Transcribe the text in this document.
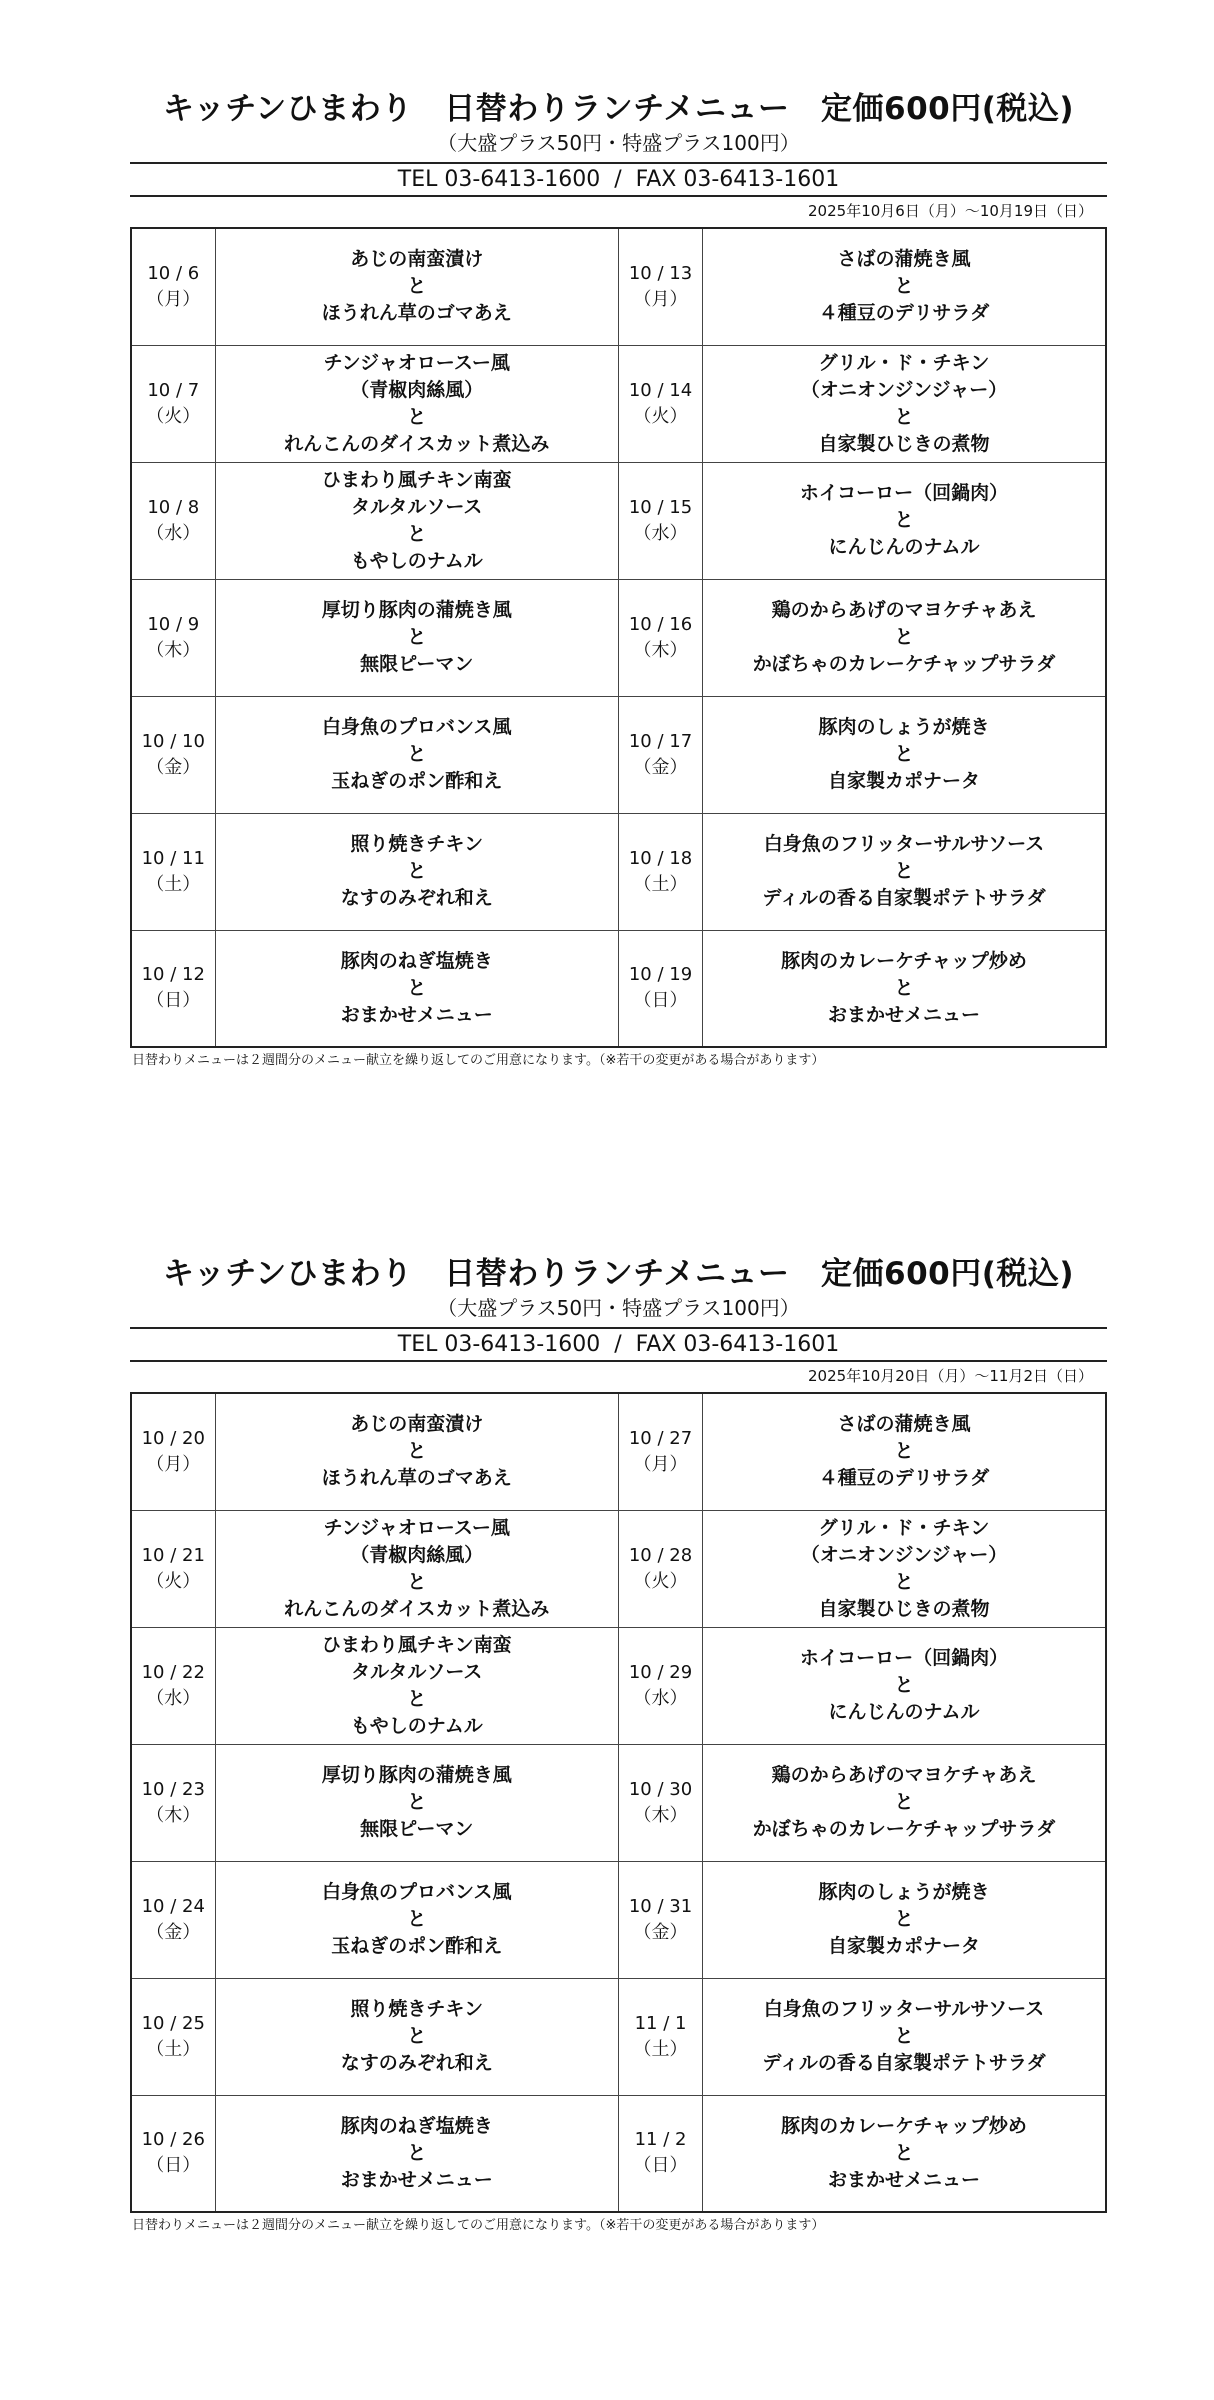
キッチンひまわり　日替わりランチメニュー　定価600円(税込)
（大盛プラス50円・特盛プラス100円）
TEL 03-6413-1600 / FAX 03-6413-1601
2025年10月6日（月）〜10月19日（日）
10 / 6
（月）	あじの南蛮漬け
と
ほうれん草のゴマあえ	10 / 13
（月）	さばの蒲焼き風
と
４種豆のデリサラダ

10 / 7
（火）	チンジャオロースー風
（青椒肉絲風）
と
れんこんのダイスカット煮込み	10 / 14
（火）	グリル・ド・チキン
（オニオンジンジャー）
と
自家製ひじきの煮物

10 / 8
（水）	ひまわり風チキン南蛮
タルタルソース
と
もやしのナムル	10 / 15
（水）	ホイコーロー（回鍋肉）
と
にんじんのナムル

10 / 9
（木）	厚切り豚肉の蒲焼き風
と
無限ピーマン	10 / 16
（木）	鶏のからあげのマヨケチャあえ
と
かぼちゃのカレーケチャップサラダ

10 / 10
（金）	白身魚のプロバンス風
と
玉ねぎのポン酢和え	10 / 17
（金）	豚肉のしょうが焼き
と
自家製カポナータ

10 / 11
（土）	照り焼きチキン
と
なすのみぞれ和え	10 / 18
（土）	白身魚のフリッターサルサソース
と
ディルの香る自家製ポテトサラダ

10 / 12
（日）	豚肉のねぎ塩焼き
と
おまかせメニュー	10 / 19
（日）	豚肉のカレーケチャップ炒め
と
おまかせメニュー
日替わりメニューは２週間分のメニュー献立を繰り返してのご用意になります。（※若干の変更がある場合があります）
キッチンひまわり　日替わりランチメニュー　定価600円(税込)
（大盛プラス50円・特盛プラス100円）
TEL 03-6413-1600 / FAX 03-6413-1601
2025年10月20日（月）〜11月2日（日）
10 / 20
（月）	あじの南蛮漬け
と
ほうれん草のゴマあえ	10 / 27
（月）	さばの蒲焼き風
と
４種豆のデリサラダ

10 / 21
（火）	チンジャオロースー風
（青椒肉絲風）
と
れんこんのダイスカット煮込み	10 / 28
（火）	グリル・ド・チキン
（オニオンジンジャー）
と
自家製ひじきの煮物

10 / 22
（水）	ひまわり風チキン南蛮
タルタルソース
と
もやしのナムル	10 / 29
（水）	ホイコーロー（回鍋肉）
と
にんじんのナムル

10 / 23
（木）	厚切り豚肉の蒲焼き風
と
無限ピーマン	10 / 30
（木）	鶏のからあげのマヨケチャあえ
と
かぼちゃのカレーケチャップサラダ

10 / 24
（金）	白身魚のプロバンス風
と
玉ねぎのポン酢和え	10 / 31
（金）	豚肉のしょうが焼き
と
自家製カポナータ

10 / 25
（土）	照り焼きチキン
と
なすのみぞれ和え	11 / 1
（土）	白身魚のフリッターサルサソース
と
ディルの香る自家製ポテトサラダ

10 / 26
（日）	豚肉のねぎ塩焼き
と
おまかせメニュー	11 / 2
（日）	豚肉のカレーケチャップ炒め
と
おまかせメニュー
日替わりメニューは２週間分のメニュー献立を繰り返してのご用意になります。（※若干の変更がある場合があります）
